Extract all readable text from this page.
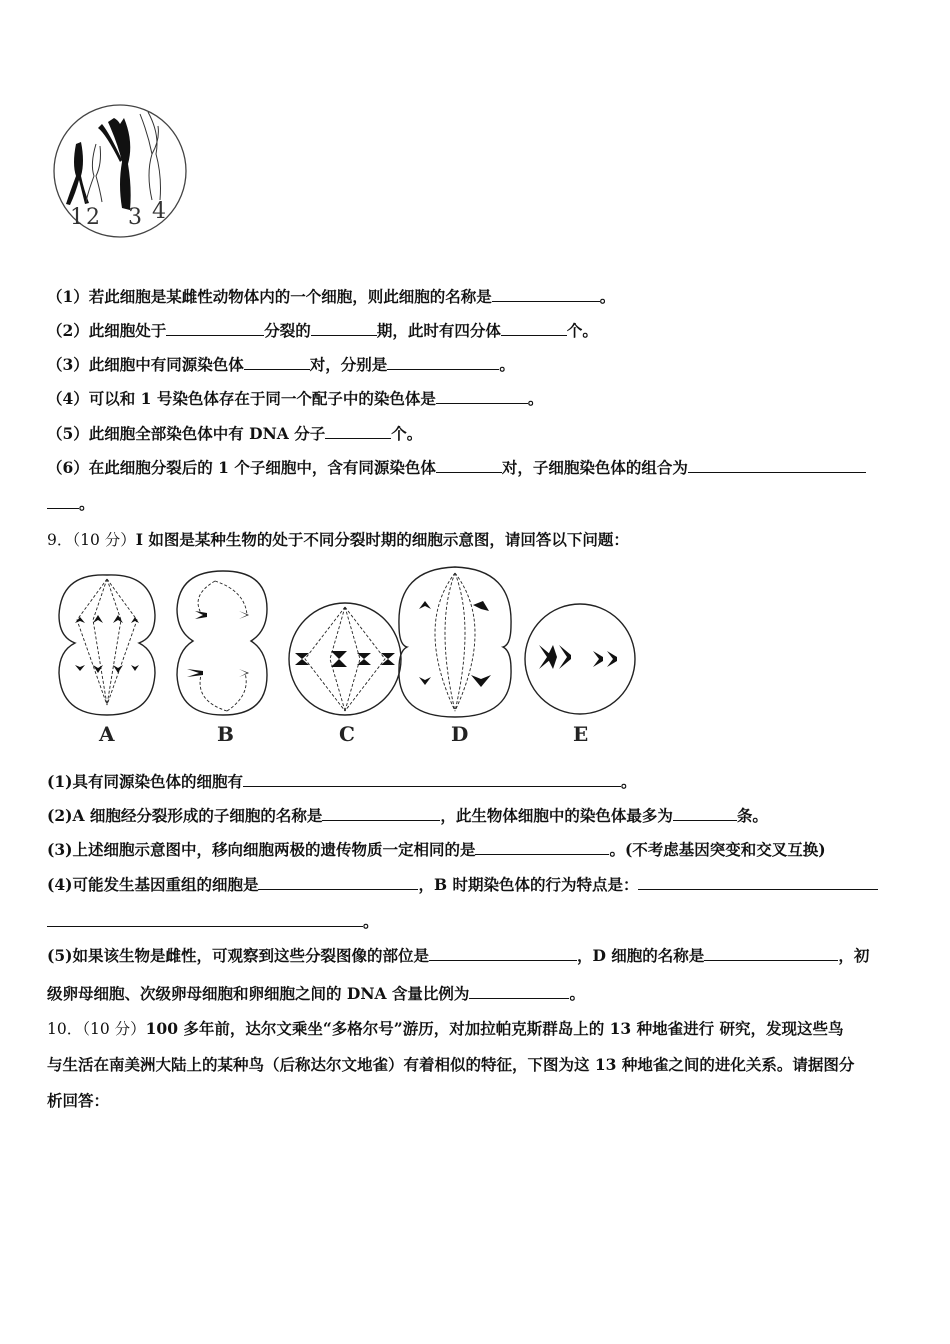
1 2 3 4
（1）若此细胞是某雌性动物体内的一个细胞，则此细胞的名称是	。
（2）此细胞处于	分裂的	期，此时有四分体	个。
（3）此细胞中有同源染色体	对，分别是	。
（4）可以和 1 号染色体存在于同一个配子中的染色体是	。
（5）此细胞全部染色体中有 DNA 分子	个。
（6）在此细胞分裂后的 1 个子细胞中，含有同源染色体	对，子细胞染色体的组合为
。
9．（10 分）I 如图是某种生物的处于不同分裂时期的细胞示意图，请回答以下问题：
A	B	C	D	E
(1)具有同源染色体的细胞有	。
(2)A 细胞经分裂形成的子细胞的名称是	，此生物体细胞中的染色体最多为	条。
(3)上述细胞示意图中，移向细胞两极的遗传物质一定相同的是	。(不考虑基因突变和交叉互换)
(4)可能发生基因重组的细胞是	，B 时期染色体的行为特点是：
。
(5)如果该生物是雌性，可观察到这些分裂图像的部位是	，D 细胞的名称是	，初
级卵母细胞、次级卵母细胞和卵细胞之间的 DNA 含量比例为	。
10．（10 分）100 多年前，达尔文乘坐“多格尔号”游历，对加拉帕克斯群岛上的 13 种地雀进行 研究，发现这些鸟
与生活在南美洲大陆上的某种鸟（后称达尔文地雀）有着相似的特征，下图为这 13 种地雀之间的进化关系。请据图分
析回答：
